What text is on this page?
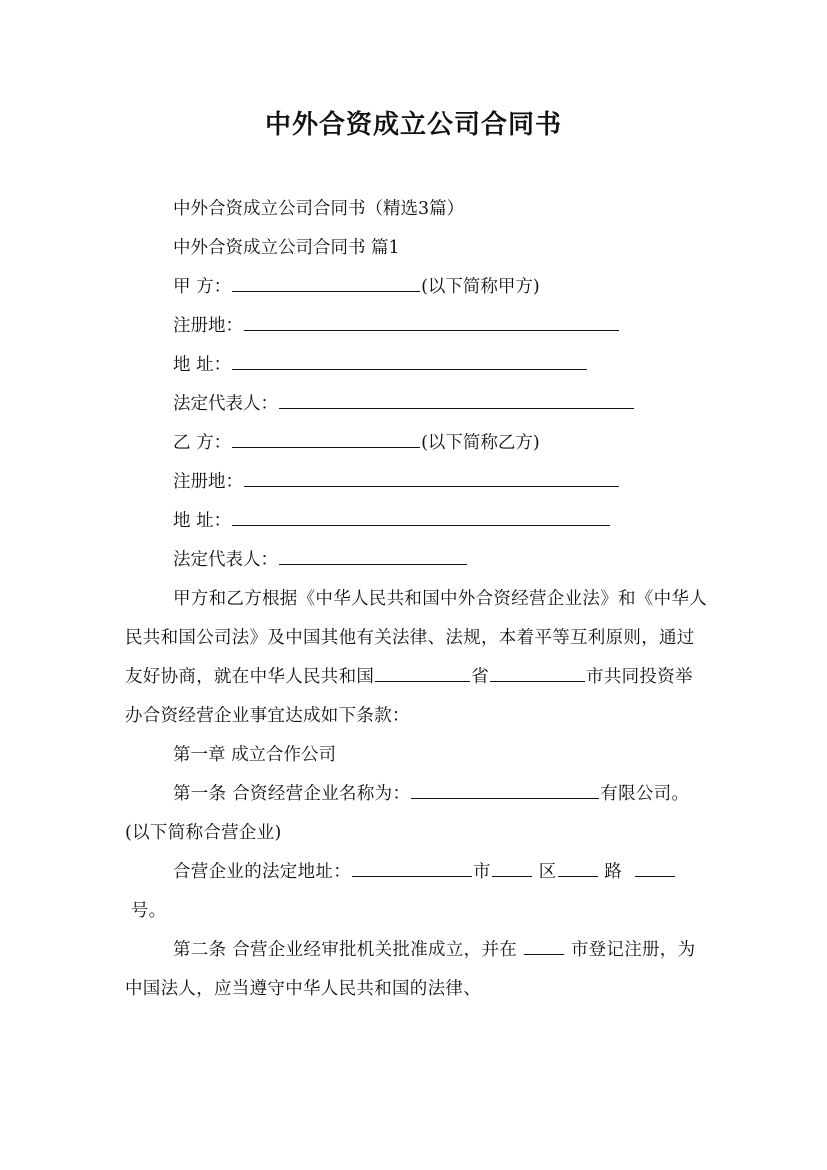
中外合资成立公司合同书
中外合资成立公司合同书（精选3篇）
中外合资成立公司合同书 篇1
甲 方：	(以下简称甲方)
注册地：
地 址：
法定代表人：
乙 方：	(以下简称乙方)
注册地：
地 址：
法定代表人：
甲方和乙方根据《中华人民共和国中外合资经营企业法》和《中华人民共和国公司法》及中国其他有关法律、法规，本着平等互利原则，通过友好协商，就在中华人民共和国	省	市共同投资举办合资经营企业事宜达成如下条款：
第一章 成立合作公司
第一条 合资经营企业名称为：	有限公司。(以下简称合营企业)
合营企业的法定地址：	市	区	路   号。
第二条 合营企业经审批机关批准成立，并在	市登记注册，为中国法人，应当遵守中华人民共和国的法律、
